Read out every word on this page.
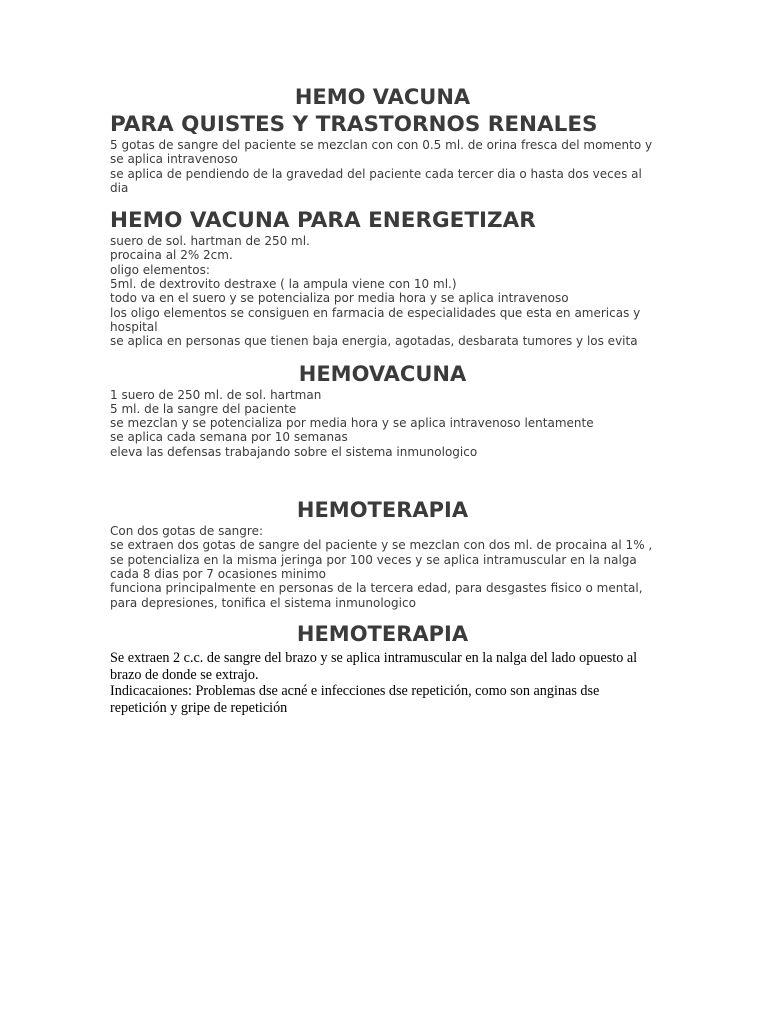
HEMO VACUNA
PARA QUISTES Y TRASTORNOS RENALES

5 gotas de sangre del paciente se mezclan con con 0.5 ml. de orina fresca del momento y se aplica intravenoso

se aplica de pendiendo de la gravedad del paciente cada tercer dia o hasta dos veces al dia

HEMO VACUNA PARA ENERGETIZAR

suero de sol. hartman de 250 ml.

procaina al 2% 2cm.

oligo elementos:

5ml. de dextrovito destraxe ( la ampula viene con 10 ml.)

todo va en el suero y se potencializa por media hora y se aplica intravenoso

los oligo elementos se consiguen en farmacia de especialidades que esta en americas y hospital

se aplica en personas que tienen baja energia, agotadas, desbarata tumores y los evita

HEMOVACUNA

1 suero de 250 ml. de sol. hartman

5 ml. de la sangre del paciente

se mezclan y se potencializa por media hora y se aplica intravenoso lentamente

se aplica cada semana por 10 semanas

eleva las defensas trabajando sobre el sistema inmunologico

HEMOTERAPIA

Con dos gotas de sangre:

se extraen dos gotas de sangre del paciente y se mezclan con dos ml. de procaina al 1% , se potencializa en la misma jeringa por 100 veces y se aplica intramuscular en la nalga cada 8 dias por 7 ocasiones minimo

funciona principalmente en personas de la tercera edad, para desgastes fisico o mental, para depresiones, tonifica el sistema inmunologico

HEMOTERAPIA

Se extraen 2 c.c. de sangre del brazo y se aplica intramuscular en la nalga del lado opuesto al brazo de donde se extrajo.

Indicacaiones: Problemas dse acné e infecciones dse repetición, como son anginas dse repetición y gripe de repetición
